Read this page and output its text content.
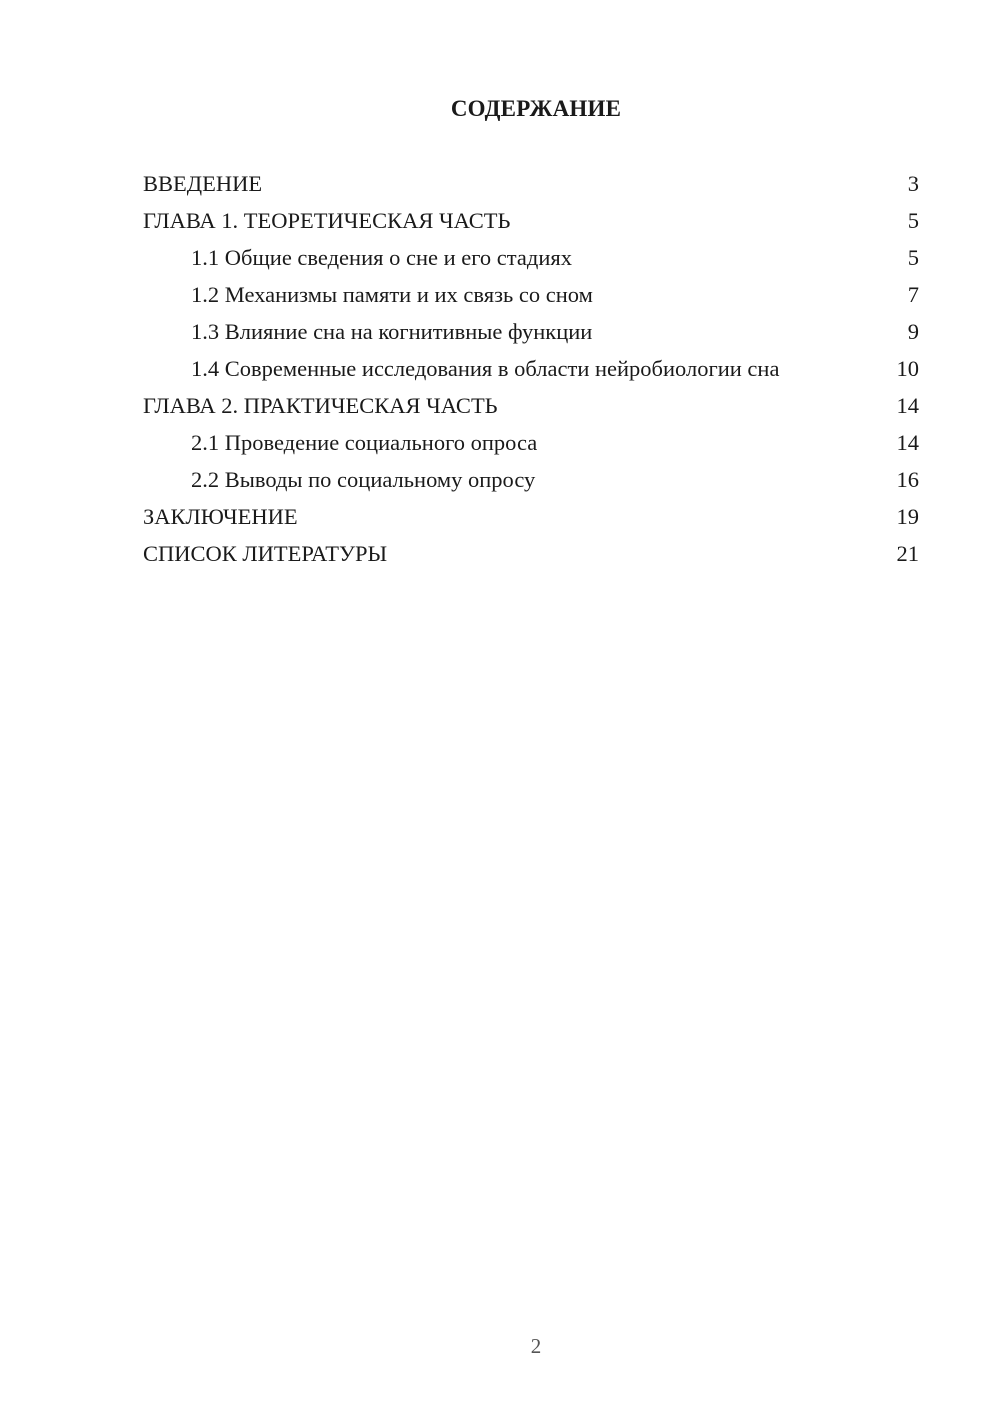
СОДЕРЖАНИЕ
ВВЕДЕНИЕ	3
ГЛАВА 1. ТЕОРЕТИЧЕСКАЯ ЧАСТЬ	5
1.1 Общие сведения о сне и его стадиях	5
1.2 Механизмы памяти и их связь со сном	7
1.3 Влияние сна на когнитивные функции	9
1.4 Современные исследования в области нейробиологии сна	10
ГЛАВА 2. ПРАКТИЧЕСКАЯ ЧАСТЬ	14
2.1 Проведение социального опроса	14
2.2 Выводы по социальному опросу	16
ЗАКЛЮЧЕНИЕ	19
СПИСОК ЛИТЕРАТУРЫ	21
2
